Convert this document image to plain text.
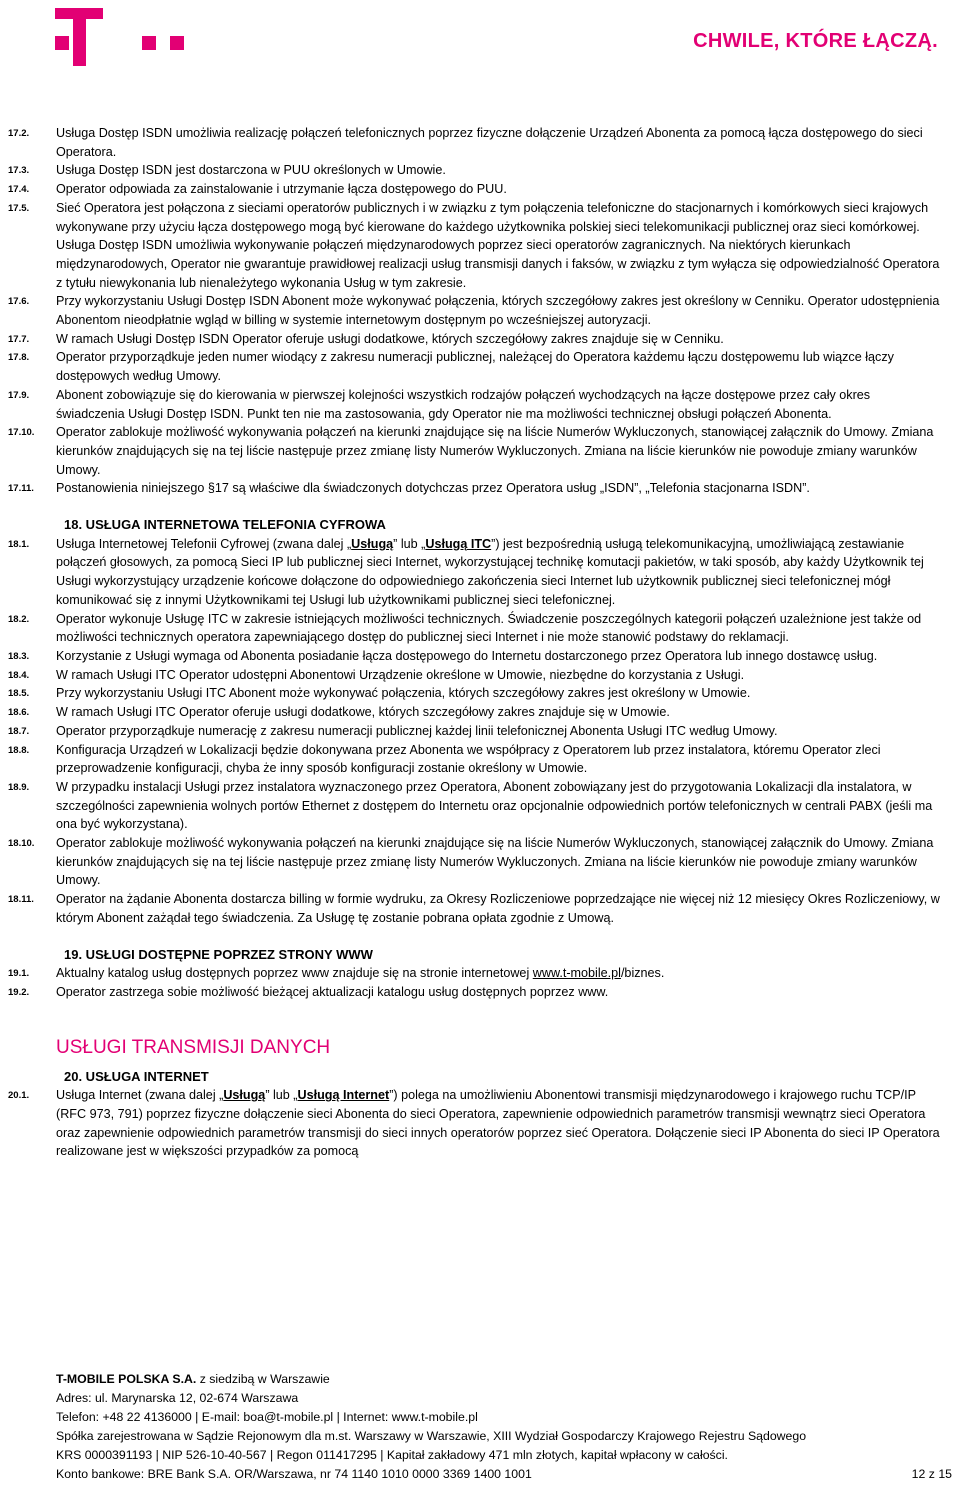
CHWILE, KTÓRE ŁĄCZĄ.
17.2. Usługa Dostęp ISDN umożliwia realizację połączeń telefonicznych poprzez fizyczne dołączenie Urządzeń Abonenta za pomocą łącza dostępowego do sieci Operatora.
17.3. Usługa Dostęp ISDN jest dostarczona w PUU określonych w Umowie.
17.4. Operator odpowiada za zainstalowanie i utrzymanie łącza dostępowego do PUU.
17.5. Sieć Operatora jest połączona z sieciami operatorów publicznych i w związku z tym połączenia telefoniczne do stacjonarnych i komórkowych sieci krajowych wykonywane przy użyciu łącza dostępowego mogą być kierowane do każdego użytkownika polskiej sieci telekomunikacji publicznej oraz sieci komórkowej. Usługa Dostęp ISDN umożliwia wykonywanie połączeń międzynarodowych poprzez sieci operatorów zagranicznych. Na niektórych kierunkach międzynarodowych, Operator nie gwarantuje prawidłowej realizacji usług transmisji danych i faksów, w związku z tym wyłącza się odpowiedzialność Operatora z tytułu niewykonania lub nienależytego wykonania Usług w tym zakresie.
17.6. Przy wykorzystaniu Usługi Dostęp ISDN Abonent może wykonywać połączenia, których szczegółowy zakres jest określony w Cenniku. Operator udostępnienia Abonentom nieodpłatnie wgląd w billing w systemie internetowym dostępnym po wcześniejszej autoryzacji.
17.7. W ramach Usługi Dostęp ISDN Operator oferuje usługi dodatkowe, których szczegółowy zakres znajduje się w Cenniku.
17.8. Operator przyporządkuje jeden numer wiodący z zakresu numeracji publicznej, należącej do Operatora każdemu łączu dostępowemu lub wiązce łączy dostępowych według Umowy.
17.9. Abonent zobowiązuje się do kierowania w pierwszej kolejności wszystkich rodzajów połączeń wychodzących na łącze dostępowe przez cały okres świadczenia Usługi Dostęp ISDN. Punkt ten nie ma zastosowania, gdy Operator nie ma możliwości technicznej obsługi połączeń Abonenta.
17.10. Operator zablokuje możliwość wykonywania połączeń na kierunki znajdujące się na liście Numerów Wykluczonych, stanowiącej załącznik do Umowy. Zmiana kierunków znajdujących się na tej liście następuje przez zmianę listy Numerów Wykluczonych. Zmiana na liście kierunków nie powoduje zmiany warunków Umowy.
17.11. Postanowienia niniejszego §17 są właściwe dla świadczonych dotychczas przez Operatora usług „ISDN”, „Telefonia stacjonarna ISDN”.
18. USŁUGA INTERNETOWA TELEFONIA CYFROWA
18.1. Usługa Internetowej Telefonii Cyfrowej (zwana dalej „Usługą” lub „Usługą ITC”) jest bezpośrednią usługą telekomunikacyjną, umożliwiającą zestawianie połączeń głosowych, za pomocą Sieci IP lub publicznej sieci Internet, wykorzystującej technikę komutacji pakietów, w taki sposób, aby każdy Użytkownik tej Usługi wykorzystujący urządzenie końcowe dołączone do odpowiedniego zakończenia sieci Internet lub użytkownik publicznej sieci telefonicznej mógł komunikować się z innymi Użytkownikami tej Usługi lub użytkownikami publicznej sieci telefonicznej.
18.2. Operator wykonuje Usługę ITC w zakresie istniejących możliwości technicznych. Świadczenie poszczególnych kategorii połączeń uzależnione jest także od możliwości technicznych operatora zapewniającego dostęp do publicznej sieci Internet i nie może stanowić podstawy do reklamacji.
18.3. Korzystanie z Usługi wymaga od Abonenta posiadanie łącza dostępowego do Internetu dostarczonego przez Operatora lub innego dostawcę usług.
18.4. W ramach Usługi ITC Operator udostępni Abonentowi Urządzenie określone w Umowie, niezbędne do korzystania z Usługi.
18.5. Przy wykorzystaniu Usługi ITC Abonent może wykonywać połączenia, których szczegółowy zakres jest określony w Umowie.
18.6. W ramach Usługi ITC Operator oferuje usługi dodatkowe, których szczegółowy zakres znajduje się w Umowie.
18.7. Operator przyporządkuje numerację z zakresu numeracji publicznej każdej linii telefonicznej Abonenta Usługi ITC według Umowy.
18.8. Konfiguracja Urządzeń w Lokalizacji będzie dokonywana przez Abonenta we współpracy z Operatorem lub przez instalatora, któremu Operator zleci przeprowadzenie konfiguracji, chyba że inny sposób konfiguracji zostanie określony w Umowie.
18.9. W przypadku instalacji Usługi przez instalatora wyznaczonego przez Operatora, Abonent zobowiązany jest do przygotowania Lokalizacji dla instalatora, w szczególności zapewnienia wolnych portów Ethernet z dostępem do Internetu oraz opcjonalnie odpowiednich portów telefonicznych w centrali PABX (jeśli ma ona być wykorzystana).
18.10. Operator zablokuje możliwość wykonywania połączeń na kierunki znajdujące się na liście Numerów Wykluczonych, stanowiącej załącznik do Umowy. Zmiana kierunków znajdujących się na tej liście następuje przez zmianę listy Numerów Wykluczonych. Zmiana na liście kierunków nie powoduje zmiany warunków Umowy.
18.11. Operator na żądanie Abonenta dostarcza billing w formie wydruku, za Okresy Rozliczeniowe poprzedzające nie więcej niż 12 miesięcy Okres Rozliczeniowy, w którym Abonent zażądał tego świadczenia. Za Usługę tę zostanie pobrana opłata zgodnie z Umową.
19. USŁUGI DOSTĘPNE POPRZEZ STRONY WWW
19.1. Aktualny katalog usług dostępnych poprzez www znajduje się na stronie internetowej www.t-mobile.pl/biznes.
19.2. Operator zastrzega sobie możliwość bieżącej aktualizacji katalogu usług dostępnych poprzez www.
USŁUGI TRANSMISJI DANYCH
20. USŁUGA INTERNET
20.1. Usługa Internet (zwana dalej „Usługą” lub „Usługą Internet”) polega na umożliwieniu Abonentowi transmisji międzynarodowego i krajowego ruchu TCP/IP (RFC 973, 791) poprzez fizyczne dołączenie sieci Abonenta do sieci Operatora, zapewnienie odpowiednich parametrów transmisji wewnątrz sieci Operatora oraz zapewnienie odpowiednich parametrów transmisji do sieci innych operatorów poprzez sieć Operatora. Dołączenie sieci IP Abonenta do sieci IP Operatora realizowane jest w większości przypadków za pomocą
T-MOBILE POLSKA S.A. z siedzibą w Warszawie
Adres: ul. Marynarska 12, 02-674 Warszawa
Telefon: +48 22 4136000 | E-mail: boa@t-mobile.pl | Internet: www.t-mobile.pl
Spółka zarejestrowana w Sądzie Rejonowym dla m.st. Warszawy w Warszawie, XIII Wydział Gospodarczy Krajowego Rejestru Sądowego
KRS 0000391193 | NIP 526-10-40-567 | Regon 011417295 | Kapitał zakładowy 471 mln złotych, kapitał wpłacony w całości.
Konto bankowe: BRE Bank S.A. OR/Warszawa, nr 74 1140 1010 0000 3369 1400 1001	12 z 15
